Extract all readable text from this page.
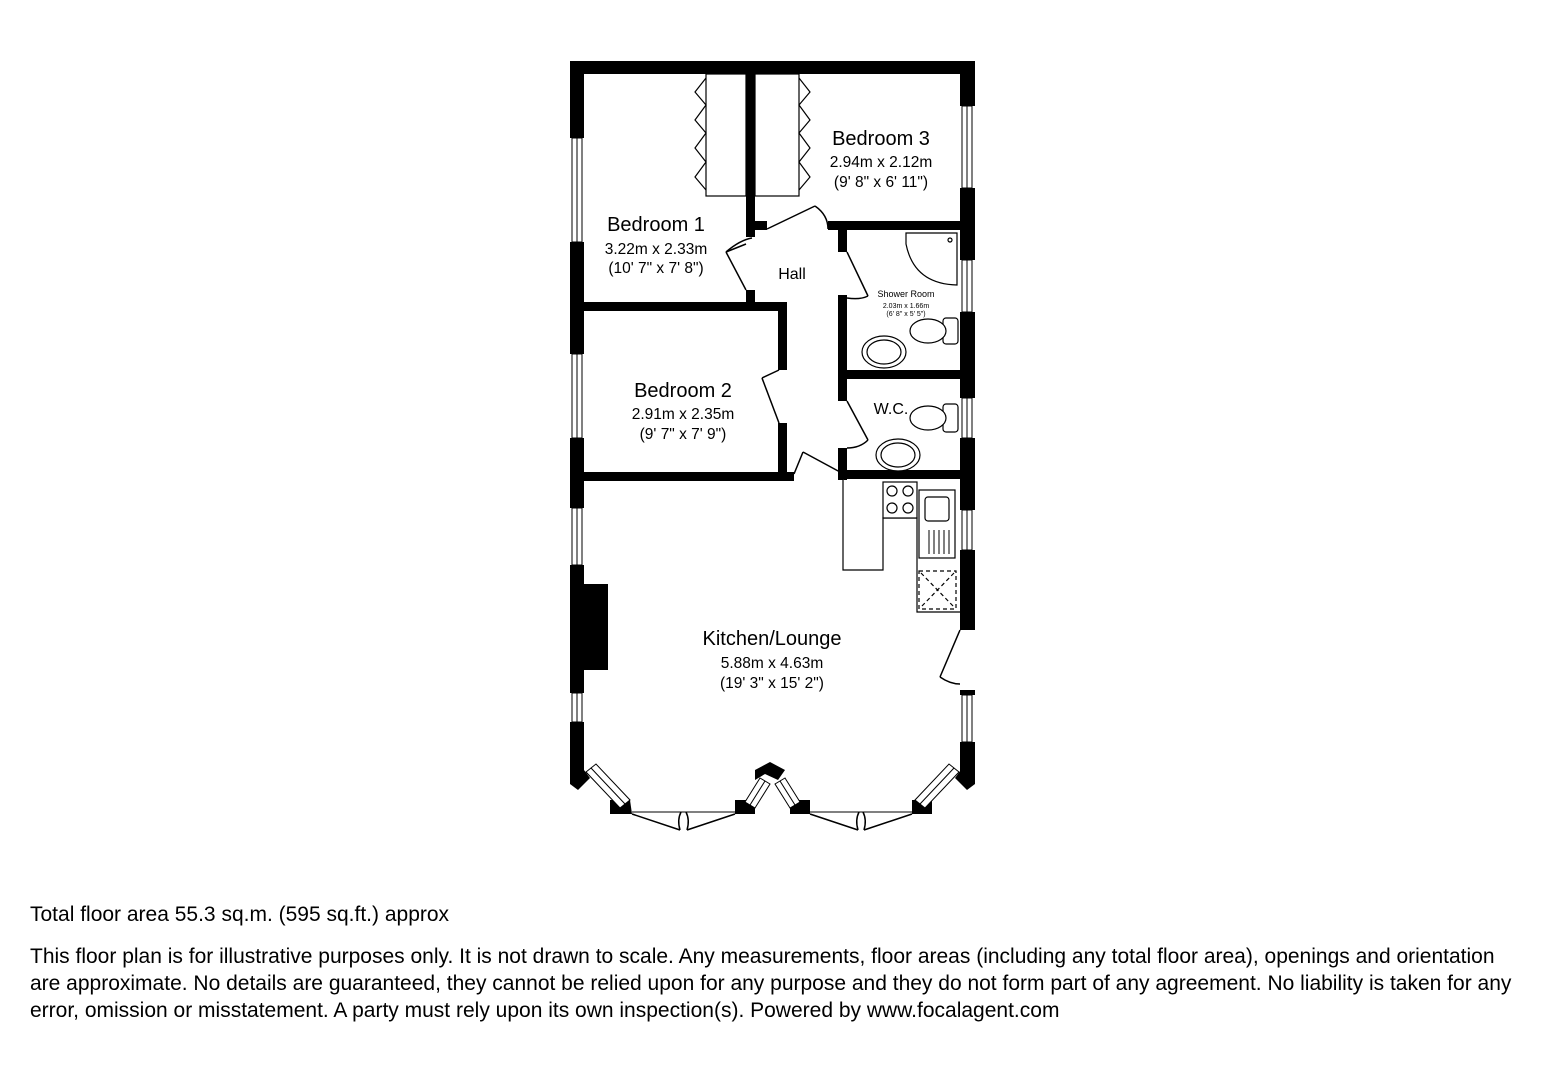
Bedroom 1
3.22m x 2.33m
(10' 7" x 7' 8")
Bedroom 2
2.91m x 2.35m
(9' 7" x 7' 9")
Bedroom 3
2.94m x 2.12m
(9' 8" x 6' 11")
Hall
Shower Room
2.03m x 1.66m
(6' 8" x 5' 5")
W.C.
Kitchen/Lounge
5.88m x 4.63m
(19' 3" x 15' 2")
Total floor area 55.3 sq.m. (595 sq.ft.) approx
This floor plan is for illustrative purposes only. It is not drawn to scale. Any measurements, floor areas (including any total floor area), openings and orientation are approximate. No details are guaranteed, they cannot be relied upon for any purpose and they do not form part of any agreement. No liability is taken for any error, omission or misstatement. A party must rely upon its own inspection(s). Powered by www.focalagent.com
